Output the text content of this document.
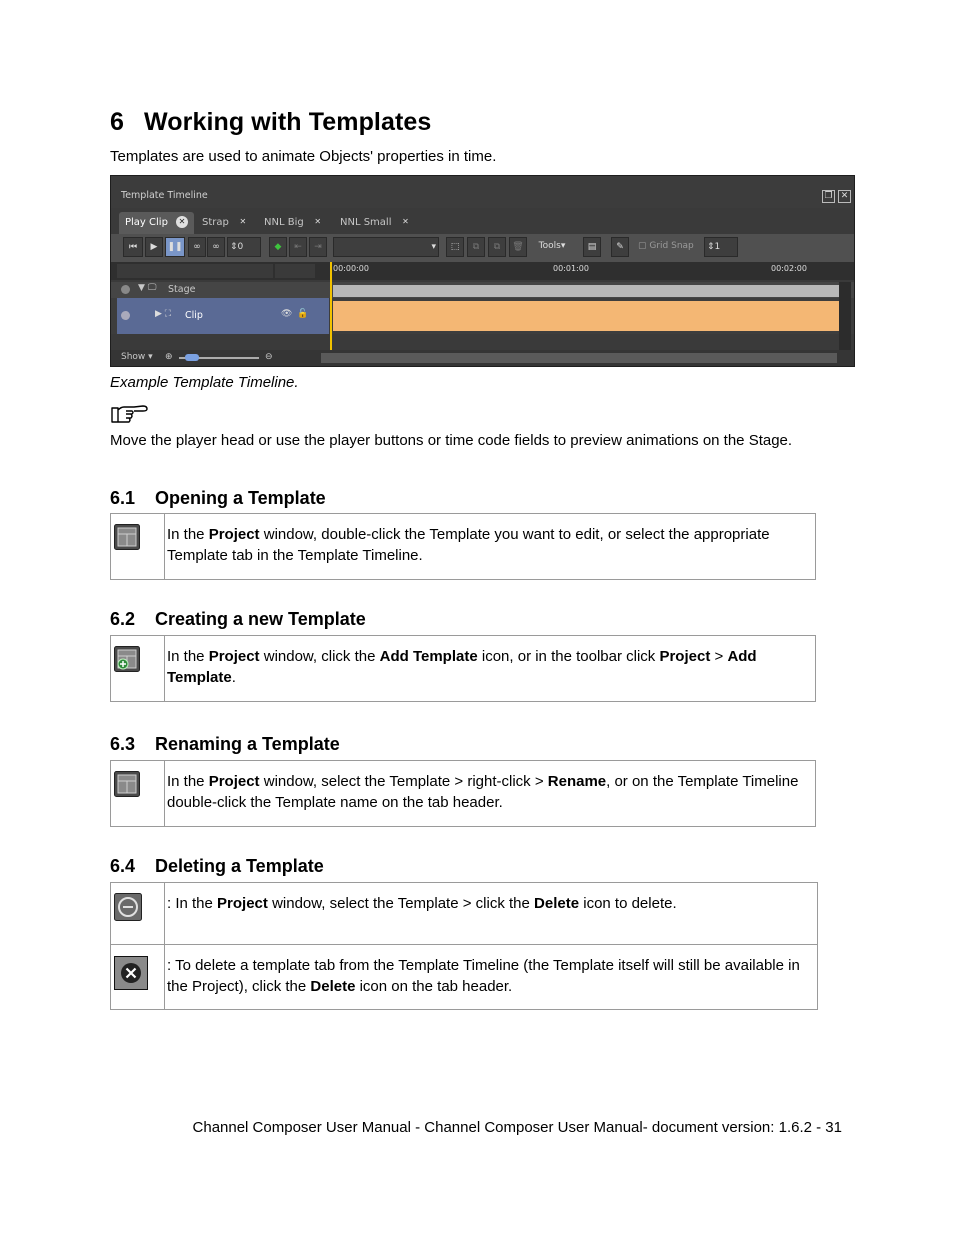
6 Working with Templates

Templates are used to animate Objects' properties in time.

Template Timeline	❐ ✕
Play Clip ✕	Strap ✕ NNL Big ✕ NNL Small ✕
⏮	▶	❚❚	∞	∞	⇕0	◆	⇤	⇥	▾	⬚	⧉	⧉	🗑	Tools▾	▤	✎	▢ Grid Snap	⇕1
00:00:00	00:01:00	00:02:00
▼ 🖵 Stage
▶ ⛶ Clip	👁 🔓
Show ▾ ⊕	⊖

Example Template Timeline.

Move the player head or use the player buttons or time code fields to preview animations on the Stage.

6.1 Opening a Template
	In the Project window, double-click the Template you want to edit, or select the appropriate Template tab in the Template Timeline.
6.2 Creating a new Template
	In the Project window, click the Add Template icon, or in the toolbar click Project > Add Template.
6.3 Renaming a Template
	In the Project window, select the Template > right-click > Rename, or on the Template Timeline double-click the Template name on the tab header.
6.4 Deleting a Template
	: In the Project window, select the Template > click the Delete icon to delete.
	: To delete a template tab from the Template Timeline (the Template itself will still be available in the Project), click the Delete icon on the tab header.

Channel Composer User Manual - Channel Composer User Manual- document version: 1.6.2 - 31
